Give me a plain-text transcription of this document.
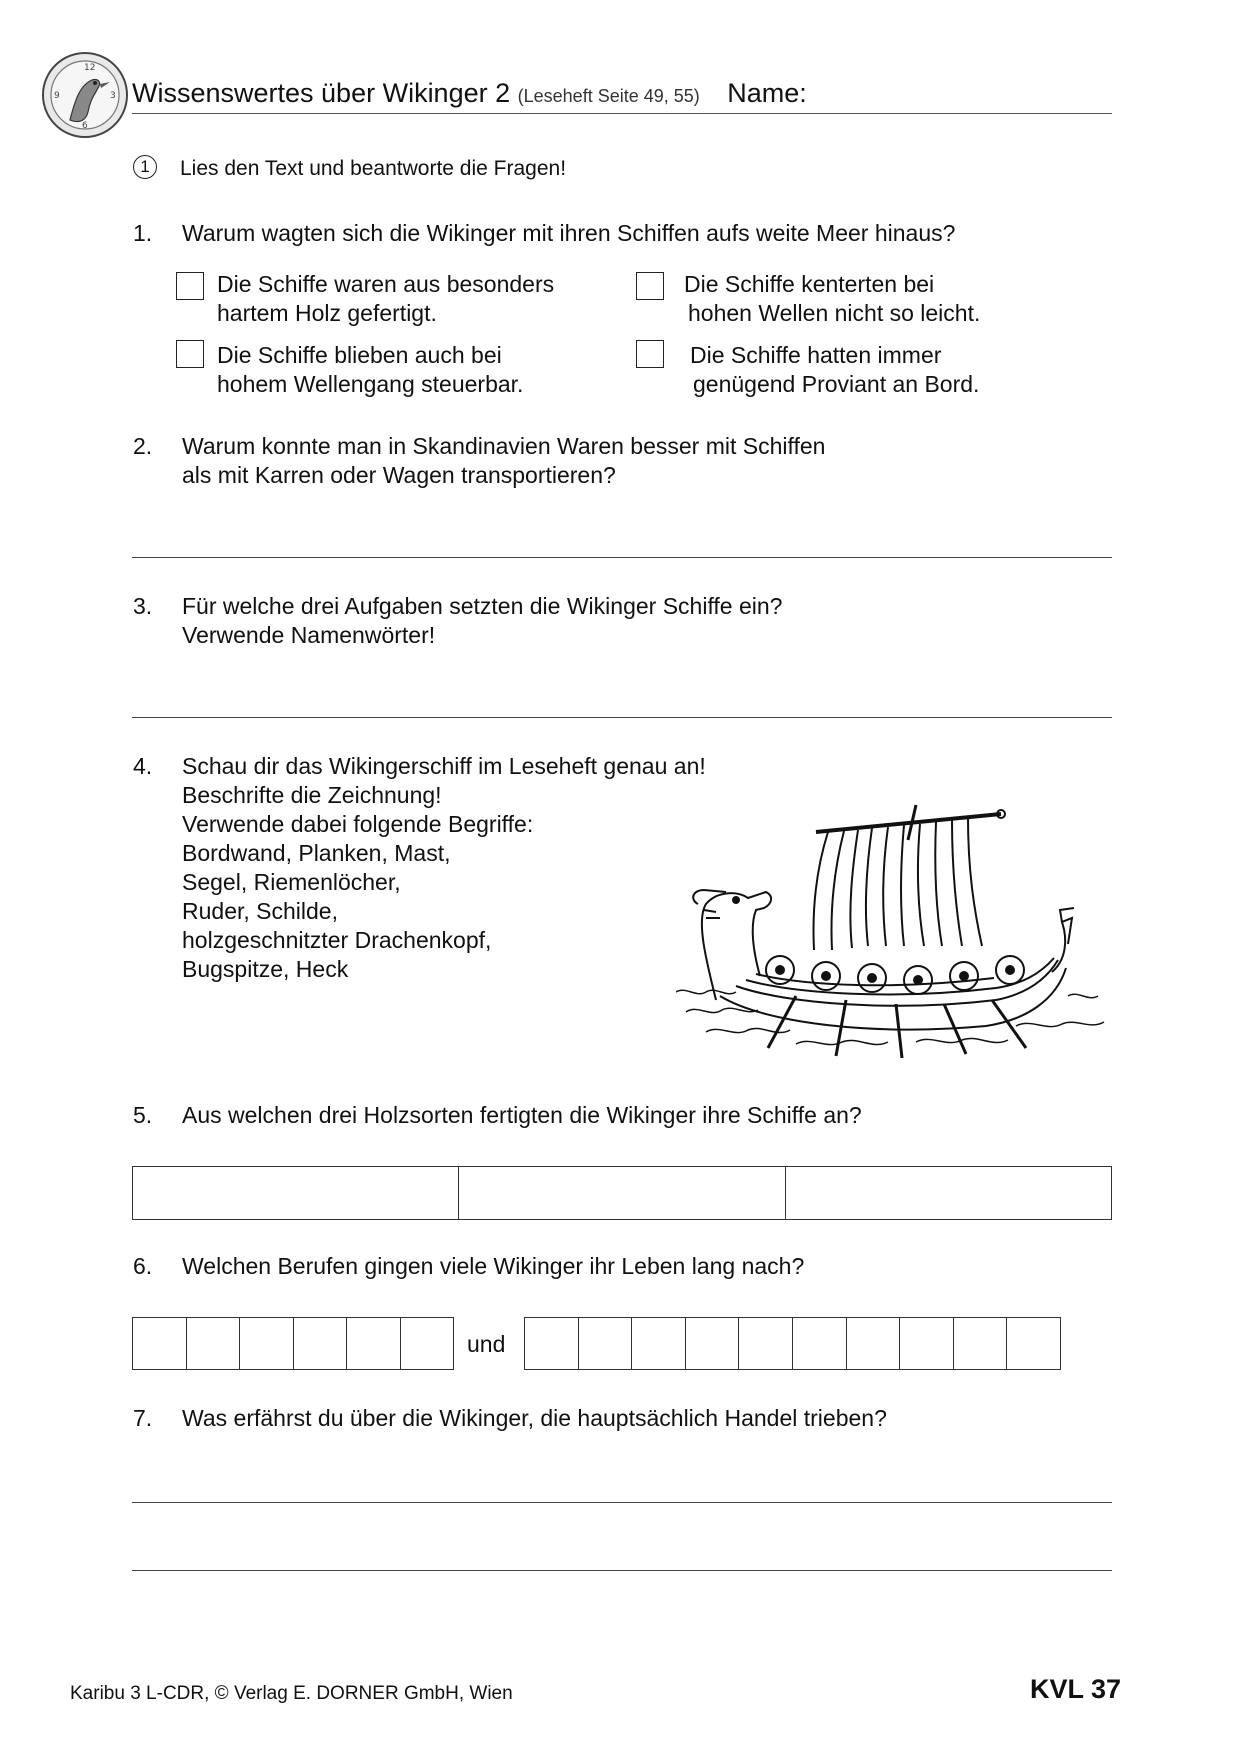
12
3
6
9	Wissenswertes über Wikinger 2 (Leseheft Seite 49, 55) Name:
1	Lies den Text und beantworte die Fragen!
1.	Warum wagten sich die Wikinger mit ihren Schiffen aufs weite Meer hinaus?
Die Schiffe waren aus besonders
hartem Holz gefertigt.
Die Schiffe kenterten bei
hohen Wellen nicht so leicht.
Die Schiffe blieben auch bei
hohem Wellengang steuerbar.
Die Schiffe hatten immer
genügend Proviant an Bord.
2.	Warum konnte man in Skandinavien Waren besser mit Schiffen
als mit Karren oder Wagen transportieren?
3.	Für welche drei Aufgaben setzten die Wikinger Schiffe ein?
Verwende Namenwörter!
4.	Schau dir das Wikingerschiff im Leseheft genau an!
Beschrifte die Zeichnung!
Verwende dabei folgende Begriffe:
Bordwand, Planken, Mast,
Segel, Riemenlöcher,
Ruder, Schilde,
holzgeschnitzter Drachenkopf,
Bugspitze, Heck
5.	Aus welchen drei Holzsorten fertigten die Wikinger ihre Schiffe an?

6.	Welchen Berufen gingen viele Wikinger ihr Leben lang nach?

und

7.	Was erfährst du über die Wikinger, die hauptsächlich Handel trieben?
Karibu 3 L-CDR, © Verlag E. DORNER GmbH, Wien	KVL 37
